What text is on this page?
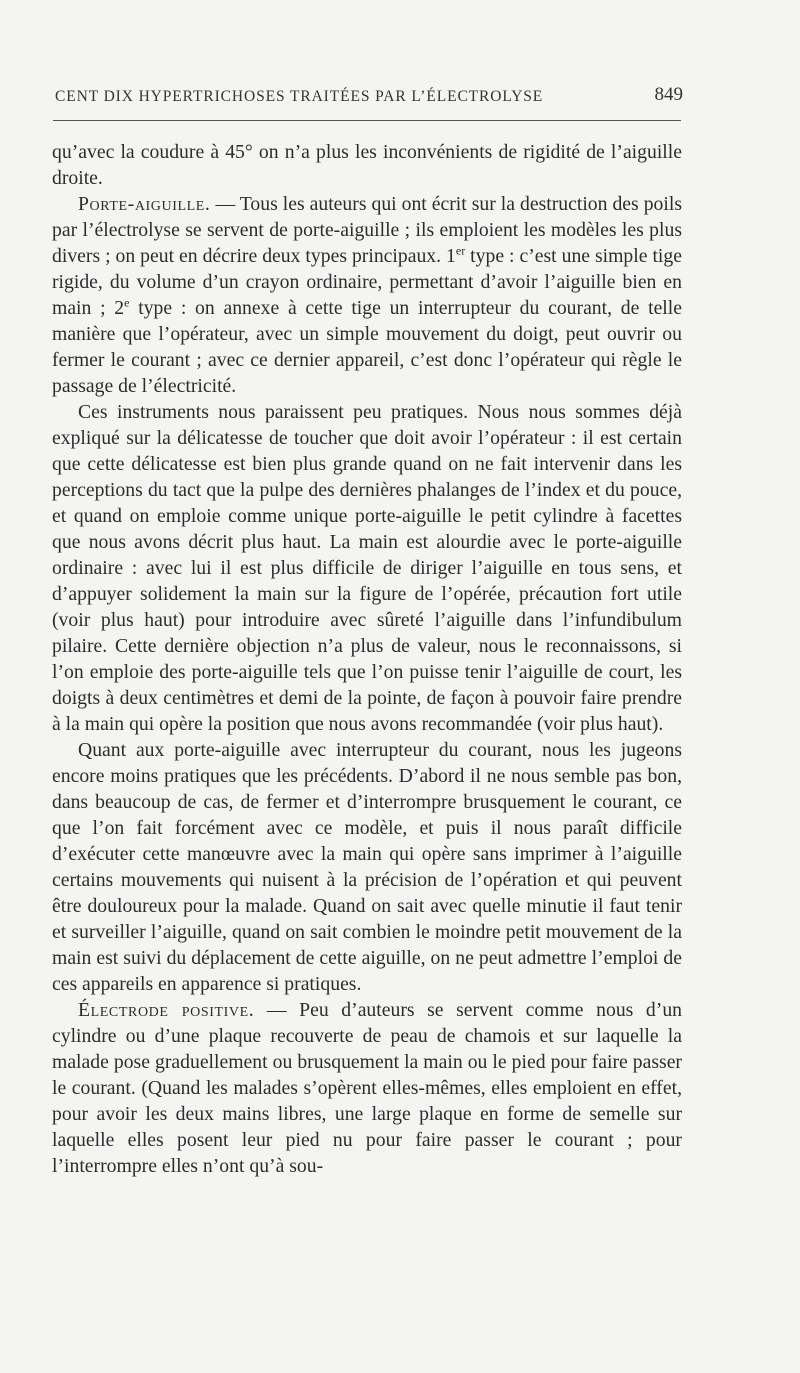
CENT DIX HYPERTRICHOSES TRAITÉES PAR L’ÉLECTROLYSE	849

qu’avec la coudure à 45° on n’a plus les inconvénients de rigidité de l’aiguille droite.

Porte-aiguille. — Tous les auteurs qui ont écrit sur la destruction des poils par l’électrolyse se servent de porte-aiguille ; ils emploient les modèles les plus divers ; on peut en décrire deux types principaux. 1er type : c’est une simple tige rigide, du volume d’un crayon ordinaire, permettant d’avoir l’aiguille bien en main ; 2e type : on annexe à cette tige un interrupteur du courant, de telle manière que l’opérateur, avec un simple mouvement du doigt, peut ouvrir ou fermer le courant ; avec ce dernier appareil, c’est donc l’opérateur qui règle le passage de l’électricité.

Ces instruments nous paraissent peu pratiques. Nous nous sommes déjà expliqué sur la délicatesse de toucher que doit avoir l’opérateur : il est certain que cette délicatesse est bien plus grande quand on ne fait intervenir dans les perceptions du tact que la pulpe des dernières phalanges de l’index et du pouce, et quand on emploie comme unique porte-aiguille le petit cylindre à facettes que nous avons décrit plus haut. La main est alourdie avec le porte-aiguille ordinaire : avec lui il est plus difficile de diriger l’aiguille en tous sens, et d’appuyer solidement la main sur la figure de l’opérée, précaution fort utile (voir plus haut) pour introduire avec sûreté l’aiguille dans l’infundibulum pilaire. Cette dernière objection n’a plus de valeur, nous le reconnaissons, si l’on emploie des porte-aiguille tels que l’on puisse tenir l’aiguille de court, les doigts à deux centimètres et demi de la pointe, de façon à pouvoir faire prendre à la main qui opère la position que nous avons recommandée (voir plus haut).

Quant aux porte-aiguille avec interrupteur du courant, nous les jugeons encore moins pratiques que les précédents. D’abord il ne nous semble pas bon, dans beaucoup de cas, de fermer et d’interrompre brusquement le courant, ce que l’on fait forcément avec ce modèle, et puis il nous paraît difficile d’exécuter cette manœuvre avec la main qui opère sans imprimer à l’aiguille certains mouvements qui nuisent à la précision de l’opération et qui peuvent être douloureux pour la malade. Quand on sait avec quelle minutie il faut tenir et surveiller l’aiguille, quand on sait combien le moindre petit mouvement de la main est suivi du déplacement de cette aiguille, on ne peut admettre l’emploi de ces appareils en apparence si pratiques.

Électrode positive. — Peu d’auteurs se servent comme nous d’un cylindre ou d’une plaque recouverte de peau de chamois et sur laquelle la malade pose graduellement ou brusquement la main ou le pied pour faire passer le courant. (Quand les malades s’opèrent elles-mêmes, elles emploient en effet, pour avoir les deux mains libres, une large plaque en forme de semelle sur laquelle elles posent leur pied nu pour faire passer le courant ; pour l’interrompre elles n’ont qu’à sou-
